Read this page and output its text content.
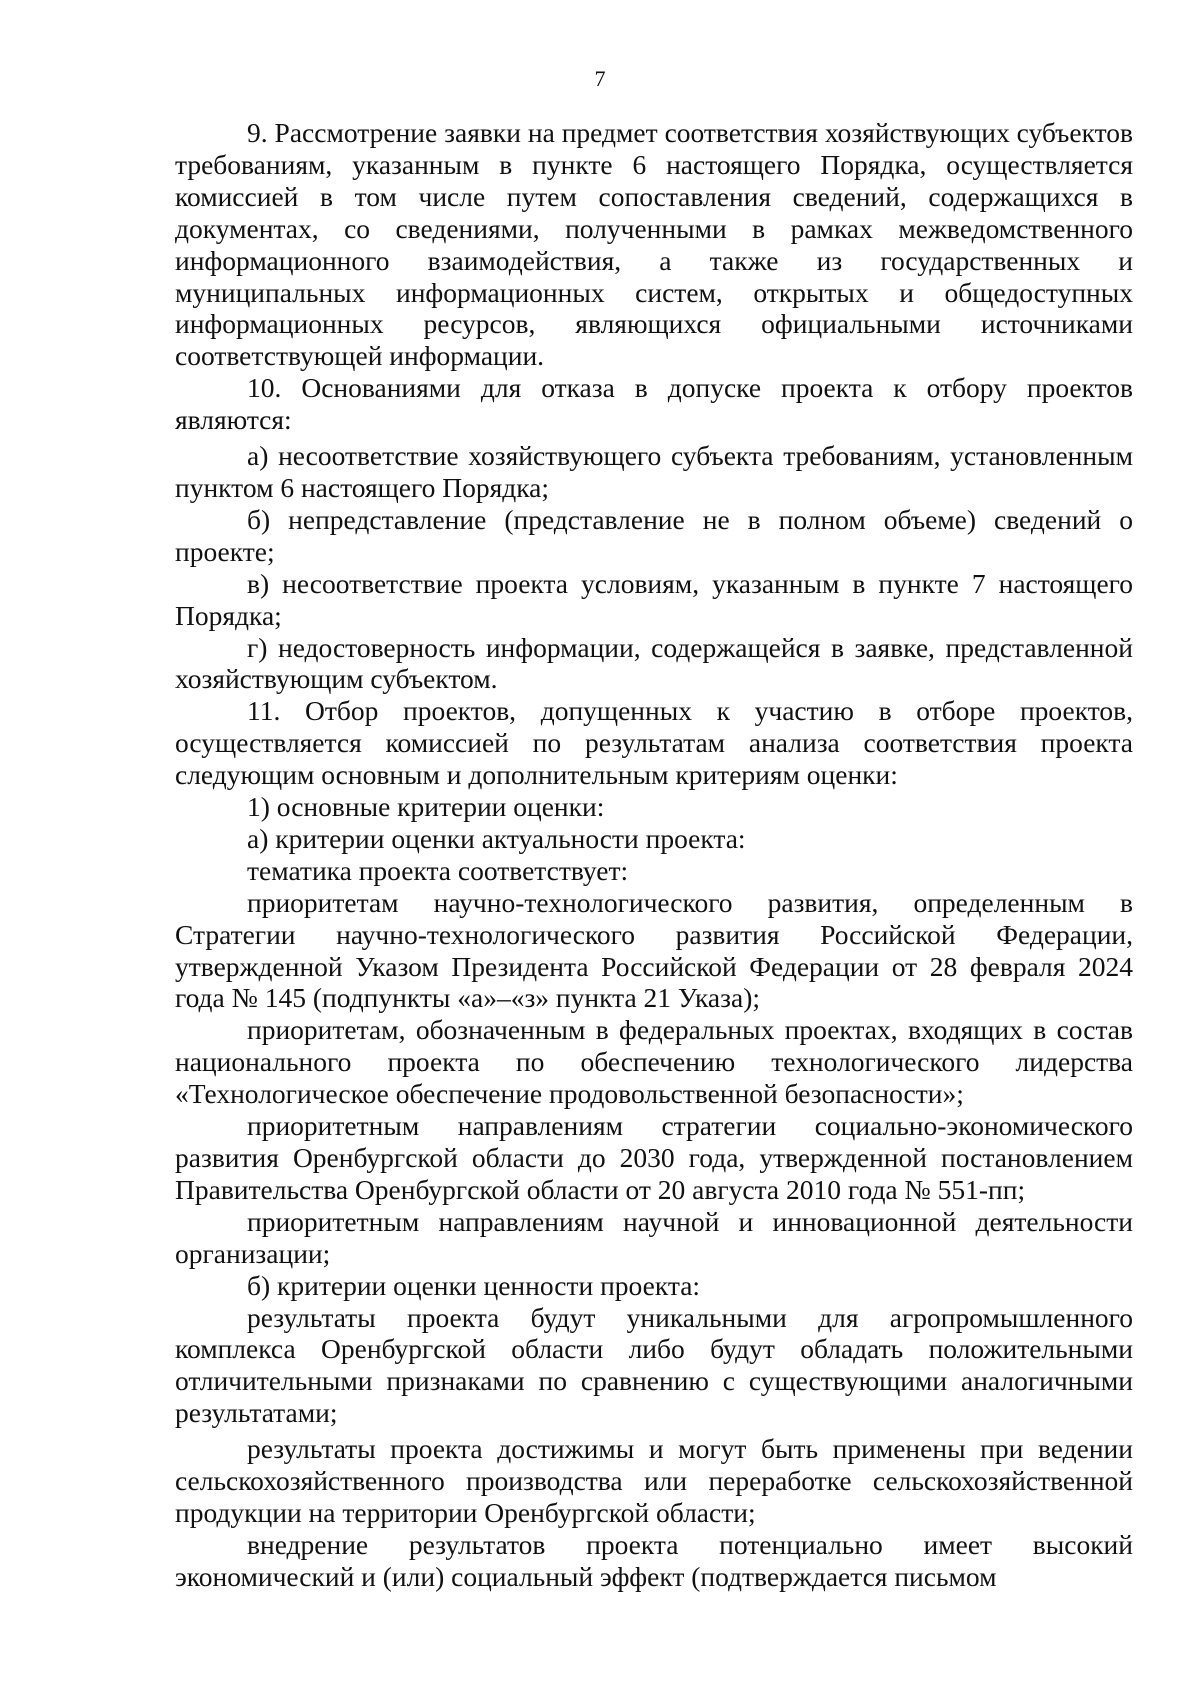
7

9. Рассмотрение заявки на предмет соответствия хозяйствующих субъектов требованиям, указанным в пункте 6 настоящего Порядка, осуществляется комиссией в том числе путем сопоставления сведений, содержащихся в документах, со сведениями, полученными в рамках межведомственного информационного взаимодействия, а также из государственных и муниципальных информационных систем, открытых и общедоступных информационных ресурсов, являющихся официальными источниками соответствующей информации.

10. Основаниями для отказа в допуске проекта к отбору проектов являются:

а) несоответствие хозяйствующего субъекта требованиям, установленным пунктом 6 настоящего Порядка;

б) непредставление (представление не в полном объеме) сведений о проекте;

в) несоответствие проекта условиям, указанным в пункте 7 настоящего Порядка;

г) недостоверность информации, содержащейся в заявке, представленной хозяйствующим субъектом.

11. Отбор проектов, допущенных к участию в отборе проектов, осуществляется комиссией по результатам анализа соответствия проекта следующим основным и дополнительным критериям оценки:

1) основные критерии оценки:

а) критерии оценки актуальности проекта:

тематика проекта соответствует:

приоритетам научно-технологического развития, определенным в Стратегии научно-технологического развития Российской Федерации, утвержденной Указом Президента Российской Федерации от 28 февраля 2024 года № 145 (подпункты «а»–«з» пункта 21 Указа);

приоритетам, обозначенным в федеральных проектах, входящих в состав национального проекта по обеспечению технологического лидерства «Технологическое обеспечение продовольственной безопасности»;

приоритетным направлениям стратегии социально-экономического развития Оренбургской области до 2030 года, утвержденной постановлением Правительства Оренбургской области от 20 августа 2010 года № 551-пп;

приоритетным направлениям научной и инновационной деятельности организации;

б) критерии оценки ценности проекта:

результаты проекта будут уникальными для агропромышленного комплекса Оренбургской области либо будут обладать положительными отличительными признаками по сравнению с существующими аналогичными результатами;

результаты проекта достижимы и могут быть применены при ведении сельскохозяйственного производства или переработке сельскохозяйственной продукции на территории Оренбургской области;

внедрение результатов проекта потенциально имеет высокий экономический и (или) социальный эффект (подтверждается письмом
